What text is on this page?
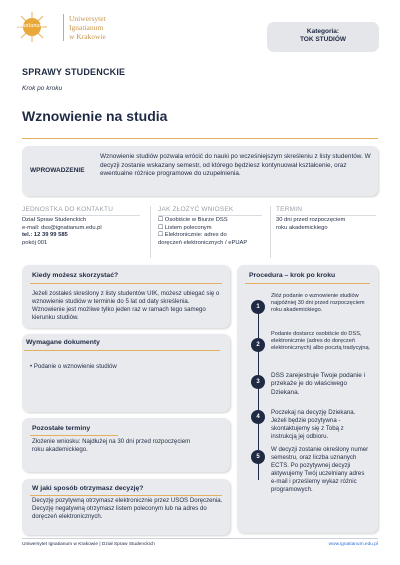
Ignatianum
Uniwersytet
Ignatianum
w Krakowie	Kategoria:
TOK STUDIÓW
SPRAWY STUDENCKIE
Krok po kroku
Wznowienie na studia
WPROWADZENIE
Wznowienie studiów pozwala wrócić do nauki po wcześniejszym skreśleniu z listy studentów. W decyzji zostanie wskazany semestr, od którego będziesz kontynuował kształcenie, oraz ewentualne różnice programowe do uzupełnienia.
JEDNOSTKA DO KONTAKTU
Dział Spraw Studenckich
e-mail: dss@ignatianum.edu.pl
tel.: 12 39 99 585
pokój 001
JAK ZŁOŻYĆ WNIOSEK
☐ Osobiście w Biurze DSS
☐ Listem poleconym
☐ Elektronicznie: adres do
doręczeń elektronicznych / ePUAP
TERMIN
30 dni przed rozpoczęciem
roku akademickiego
Kiedy możesz skorzystać?
Jeżeli zostałeś skreślony z listy studentów UIK, możesz ubiegać się o wznowienie studiów w terminie do 5 lat od daty skreślenia. Wznowienie jest możliwe tylko jeden raz w ramach tego samego kierunku studiów.
Wymagane dokumenty
• Podanie o wznowienie studiów
Pozostałe terminy
Złożenie wniosku: Najdłużej na 30 dni przed rozpoczęciem roku akademickiego.
W jaki sposób otrzymasz decyzję?
Decyzję pozytywną otrzymasz elektronicznie przez USOS Doręczenia. Decyzję negatywną otrzymasz listem poleconym lub na adres do doręczeń elektronicznych.
Procedura – krok po kroku
1
Złóż podanie o wznowienie studiów najpóźniej 30 dni przed rozpoczęciem roku akademickiego.
2
Podanie dostarcz osobiście do DSS, elektronicznie (adres do doręczeń elektronicznych) albo pocztą tradycyjną.
3
DSS zarejestruje Twoje podanie i przekaże je do właściwego Dziekana.
4
Poczekaj na decyzję Dziekana. Jeżeli będzie pozytywna - skontaktujemy się z Tobą z instrukcją jej odbioru.
5
W decyzji zostanie określony numer semestru, oraz liczba uznanych ECTS. Po pozytywnej decyzji aktywujemy Twój uczelniany adres e-mail i prześlemy wykaz różnic programowych.
Uniwersytet Ignatianum w Krakowie | Dział Spraw Studenckich	www.ignatianum.edu.pl
